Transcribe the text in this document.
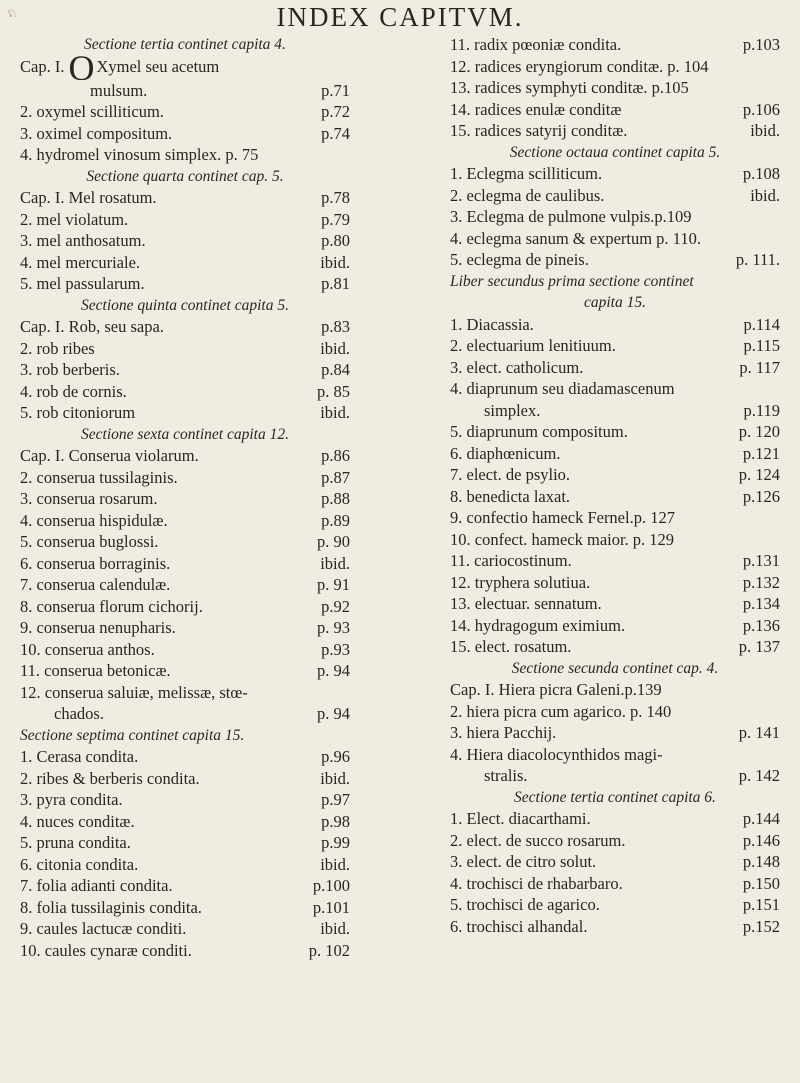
ʢ\	INDEX CAPITVM.
Sectione tertia continet capita 4.
Cap. I. O Xymel seu acetum
mulsum.	p.71
2. oxymel scilliticum.	p.72
3. oximel compositum.	p.74
4. hydromel vinosum simplex. p. 75
Sectione quarta continet cap. 5.
Cap. I. Mel rosatum.	p.78
2. mel violatum.	p.79
3. mel anthosatum.	p.80
4. mel mercuriale.	ibid.
5. mel passularum.	p.81
Sectione quinta continet capita 5.
Cap. I. Rob, seu sapa.	p.83
2. rob ribes	ibid.
3. rob berberis.	p.84
4. rob de cornis.	p. 85
5. rob citoniorum	ibid.
Sectione sexta continet capita 12.
Cap. I. Conserua violarum.	p.86
2. conserua tussilaginis.	p.87
3. conserua rosarum.	p.88
4. conserua hispidulæ.	p.89
5. conserua buglossi.	p. 90
6. conserua borraginis.	ibid.
7. conserua calendulæ.	p. 91
8. conserua florum cichorij.	p.92
9. conserua nenupharis.	p. 93
10. conserua anthos.	p.93
11. conserua betonicæ.	p. 94
12. conserua saluiæ, melissæ, stœ-
chados.	p. 94
Sectione septima continet capita 15.
1. Cerasa condita.	p.96
2. ribes & berberis condita.	ibid.
3. pyra condita.	p.97
4. nuces conditæ.	p.98
5. pruna condita.	p.99
6. citonia condita.	ibid.
7. folia adianti condita.	p.100
8. folia tussilaginis condita.	p.101
9. caules lactucæ conditi.	ibid.
10. caules cynaræ conditi.	p. 102
11. radix pœoniæ condita.	p.103
12. radices eryngiorum conditæ. p. 104
13. radices symphyti conditæ. p.105
14. radices enulæ conditæ	p.106
15. radices satyrij conditæ.	ibid.
Sectione octaua continet capita 5.
1. Eclegma scilliticum.	p.108
2. eclegma de caulibus.	ibid.
3. Eclegma de pulmone vulpis.p.109
4. eclegma sanum & expertum p. 110.
5. eclegma de pineis.	p. 111.
Liber secundus prima sectione continet
capita 15.
1. Diacassia.	p.114
2. electuarium lenitiuum.	p.115
3. elect. catholicum.	p. 117
4. diaprunum seu diadamascenum
simplex.	p.119
5. diaprunum compositum.	p. 120
6. diaphœnicum.	p.121
7. elect. de psylio.	p. 124
8. benedicta laxat.	p.126
9. confectio hameck Fernel.p. 127
10. confect. hameck maior. p. 129
11. cariocostinum.	p.131
12. tryphera solutiua.	p.132
13. electuar. sennatum.	p.134
14. hydragogum eximium.	p.136
15. elect. rosatum.	p. 137
Sectione secunda continet cap. 4.
Cap. I. Hiera picra Galeni.p.139
2. hiera picra cum agarico. p. 140
3. hiera Pacchij.	p. 141
4. Hiera diacolocynthidos magi-
stralis.	p. 142
Sectione tertia continet capita 6.
1. Elect. diacarthami.	p.144
2. elect. de succo rosarum.	p.146
3. elect. de citro solut.	p.148
4. trochisci de rhabarbaro.	p.150
5. trochisci de agarico.	p.151
6. trochisci alhandal.	p.152
